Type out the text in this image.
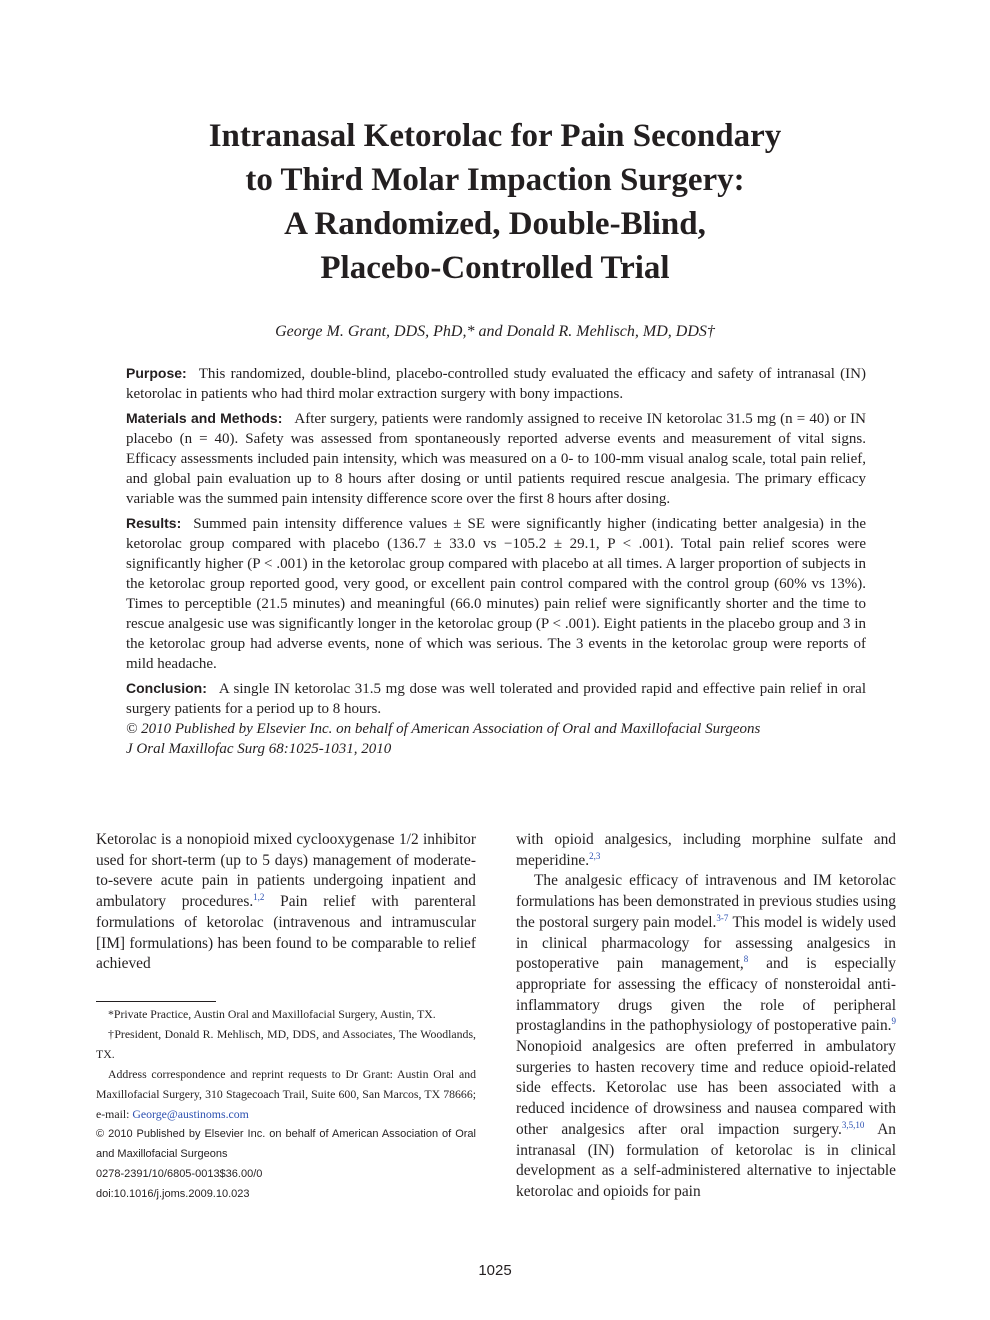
Intranasal Ketorolac for Pain Secondary
to Third Molar Impaction Surgery:
A Randomized, Double-Blind,
Placebo-Controlled Trial
George M. Grant, DDS, PhD,* and Donald R. Mehlisch, MD, DDS†

Purpose: This randomized, double-blind, placebo-controlled study evaluated the efficacy and safety of intranasal (IN) ketorolac in patients who had third molar extraction surgery with bony impactions.

Materials and Methods: After surgery, patients were randomly assigned to receive IN ketorolac 31.5 mg (n = 40) or IN placebo (n = 40). Safety was assessed from spontaneously reported adverse events and measurement of vital signs. Efficacy assessments included pain intensity, which was measured on a 0- to 100-mm visual analog scale, total pain relief, and global pain evaluation up to 8 hours after dosing or until patients required rescue analgesia. The primary efficacy variable was the summed pain intensity difference score over the first 8 hours after dosing.

Results: Summed pain intensity difference values ± SE were significantly higher (indicating better analgesia) in the ketorolac group compared with placebo (136.7 ± 33.0 vs −105.2 ± 29.1, P < .001). Total pain relief scores were significantly higher (P < .001) in the ketorolac group compared with placebo at all times. A larger proportion of subjects in the ketorolac group reported good, very good, or excellent pain control compared with the control group (60% vs 13%). Times to perceptible (21.5 minutes) and meaningful (66.0 minutes) pain relief were significantly shorter and the time to rescue analgesic use was significantly longer in the ketorolac group (P < .001). Eight patients in the placebo group and 3 in the ketorolac group had adverse events, none of which was serious. The 3 events in the ketorolac group were reports of mild headache.

Conclusion: A single IN ketorolac 31.5 mg dose was well tolerated and provided rapid and effective pain relief in oral surgery patients for a period up to 8 hours.

© 2010 Published by Elsevier Inc. on behalf of American Association of Oral and Maxillofacial Surgeons

J Oral Maxillofac Surg 68:1025-1031, 2010

Ketorolac is a nonopioid mixed cyclooxygenase 1/2 inhibitor used for short-term (up to 5 days) management of moderate-to-severe acute pain in patients undergoing inpatient and ambulatory procedures.$^{1,2}$ Pain relief with parenteral formulations of ketorolac (intravenous and intramuscular [IM] formulations) has been found to be comparable to relief achieved

*Private Practice, Austin Oral and Maxillofacial Surgery, Austin, TX.

†President, Donald R. Mehlisch, MD, DDS, and Associates, The Woodlands, TX.

Address correspondence and reprint requests to Dr Grant: Austin Oral and Maxillofacial Surgery, 310 Stagecoach Trail, Suite 600, San Marcos, TX 78666; e-mail: George@austinoms.com

© 2010 Published by Elsevier Inc. on behalf of American Association of Oral and Maxillofacial Surgeons

0278-2391/10/6805-0013$36.00/0

doi:10.1016/j.joms.2009.10.023

with opioid analgesics, including morphine sulfate and meperidine.$^{2,3}$

The analgesic efficacy of intravenous and IM ketorolac formulations has been demonstrated in previous studies using the postoral surgery pain model.$^{3-7}$ This model is widely used in clinical pharmacology for assessing analgesics in postoperative pain management,$^8$ and is especially appropriate for assessing the efficacy of nonsteroidal anti-inflammatory drugs given the role of peripheral prostaglandins in the pathophysiology of postoperative pain.$^9$ Nonopioid analgesics are often preferred in ambulatory surgeries to hasten recovery time and reduce opioid-related side effects. Ketorolac use has been associated with a reduced incidence of drowsiness and nausea compared with other analgesics after oral impaction surgery.$^{3,5,10}$ An intranasal (IN) formulation of ketorolac is in clinical development as a self-administered alternative to injectable ketorolac and opioids for pain

1025
